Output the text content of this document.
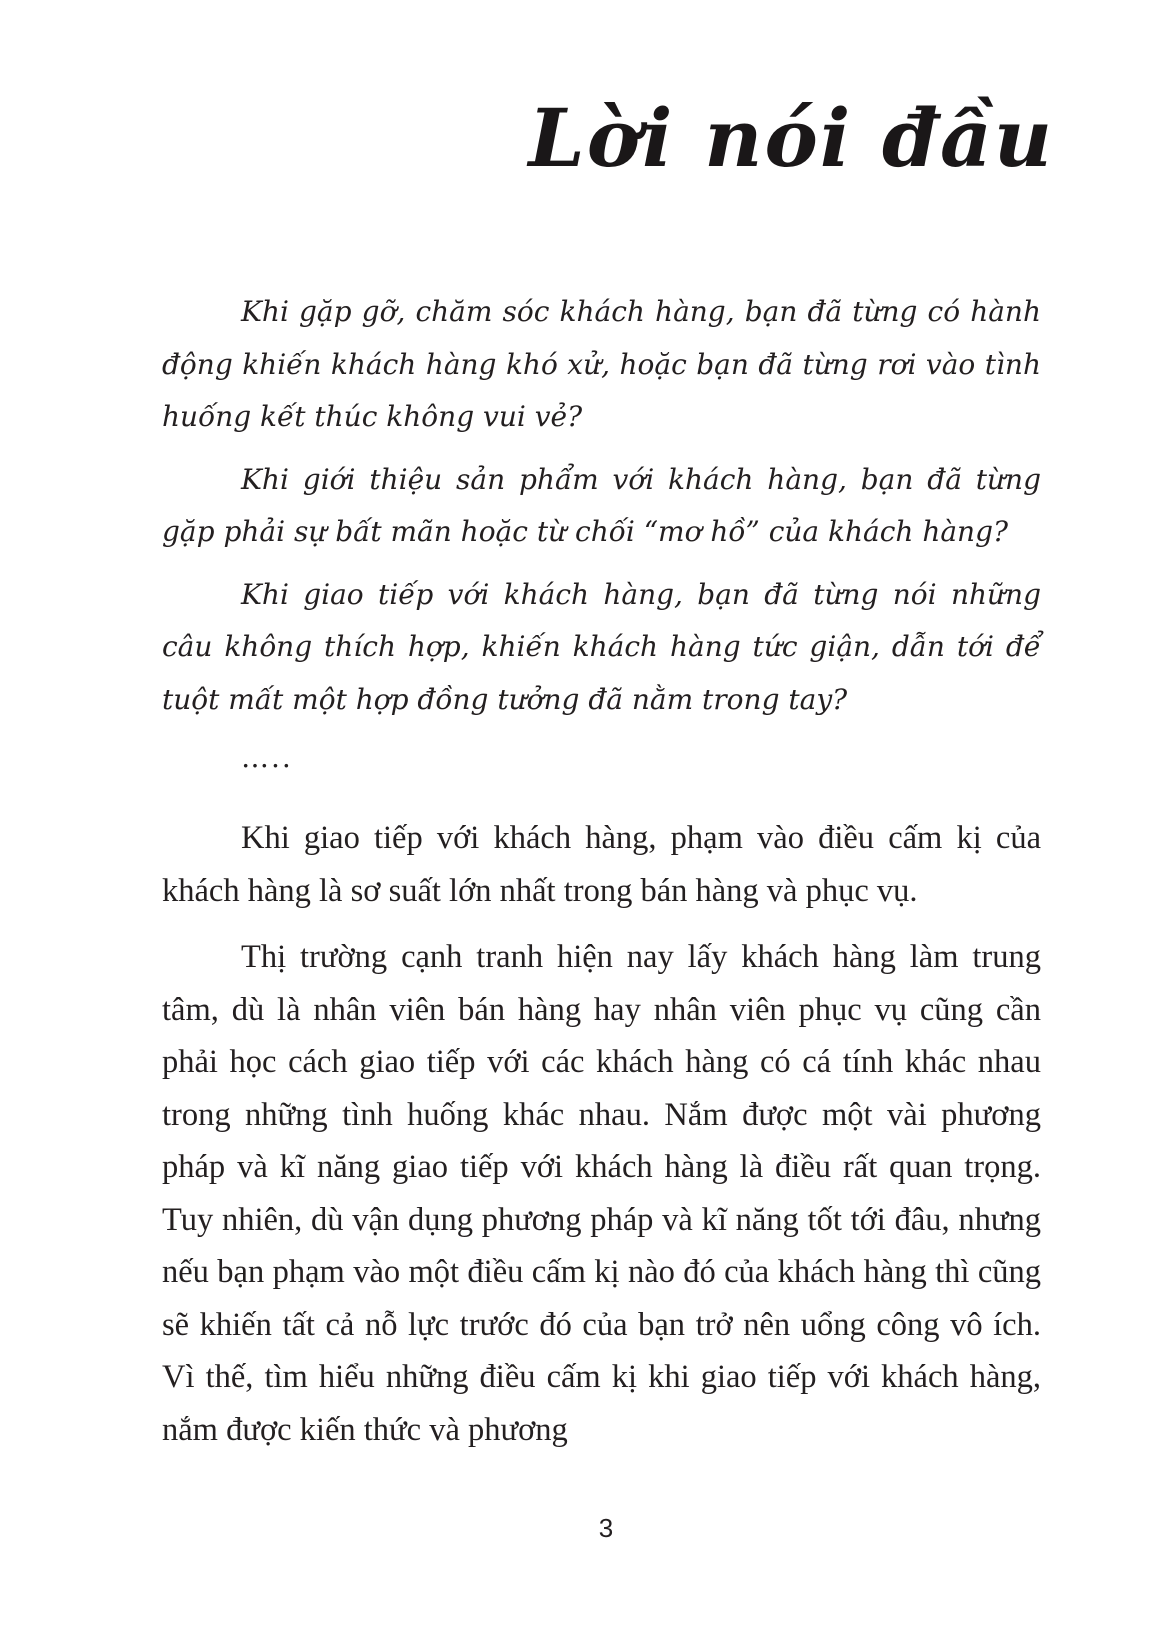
Lời nói đầu

Khi gặp gỡ, chăm sóc khách hàng, bạn đã từng có hành động khiến khách hàng khó xử, hoặc bạn đã từng rơi vào tình huống kết thúc không vui vẻ?

Khi giới thiệu sản phẩm với khách hàng, bạn đã từng gặp phải sự bất mãn hoặc từ chối “mơ hồ” của khách hàng?

Khi giao tiếp với khách hàng, bạn đã từng nói những câu không thích hợp, khiến khách hàng tức giận, dẫn tới để tuột mất một hợp đồng tưởng đã nằm trong tay?

…..

Khi giao tiếp với khách hàng, phạm vào điều cấm kị của khách hàng là sơ suất lớn nhất trong bán hàng và phục vụ.

Thị trường cạnh tranh hiện nay lấy khách hàng làm trung tâm, dù là nhân viên bán hàng hay nhân viên phục vụ cũng cần phải học cách giao tiếp với các khách hàng có cá tính khác nhau trong những tình huống khác nhau. Nắm được một vài phương pháp và kĩ năng giao tiếp với khách hàng là điều rất quan trọng. Tuy nhiên, dù vận dụng phương pháp và kĩ năng tốt tới đâu, nhưng nếu bạn phạm vào một điều cấm kị nào đó của khách hàng thì cũng sẽ khiến tất cả nỗ lực trước đó của bạn trở nên uổng công vô ích. Vì thế, tìm hiểu những điều cấm kị khi giao tiếp với khách hàng, nắm được kiến thức và phương

3
